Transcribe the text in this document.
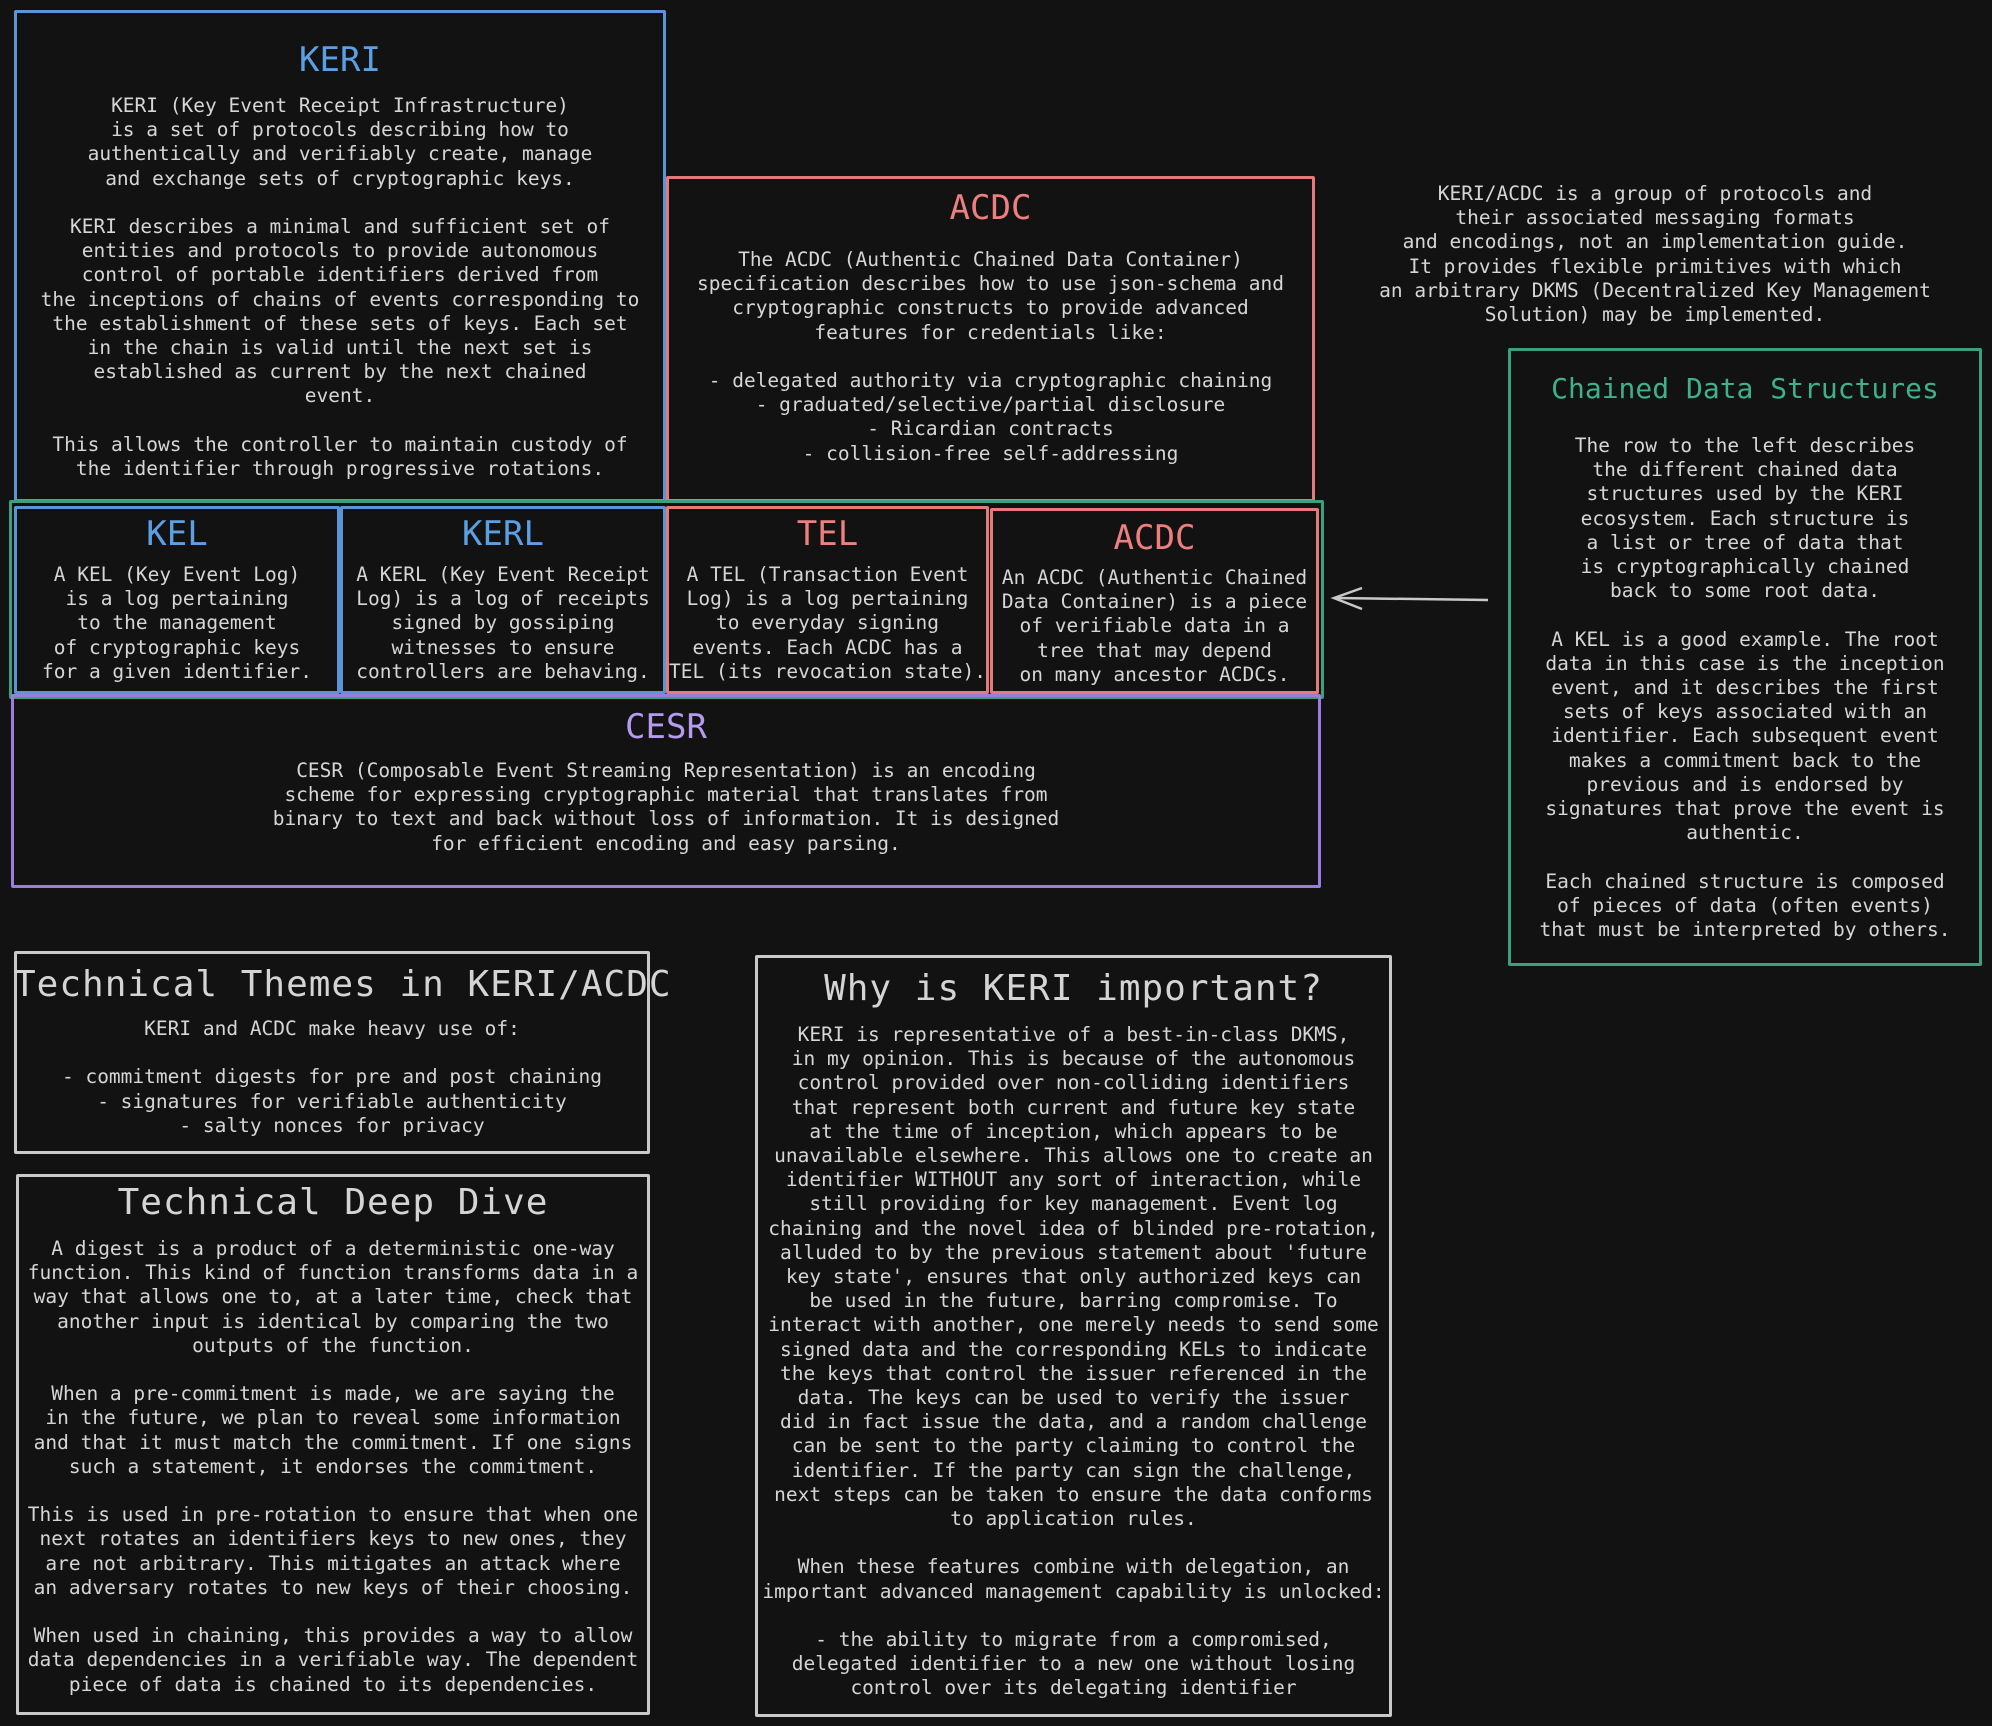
KERI
KERI (Key Event Receipt Infrastructure)
is a set of protocols describing how to
authentically and verifiably create, manage
and exchange sets of cryptographic keys.

KERI describes a minimal and sufficient set of
entities and protocols to provide autonomous
control of portable identifiers derived from
the inceptions of chains of events corresponding to
the establishment of these sets of keys. Each set
in the chain is valid until the next set is
established as current by the next chained
event.

This allows the controller to maintain custody of
the identifier through progressive rotations.
ACDC
The ACDC (Authentic Chained Data Container)
specification describes how to use json-schema and
cryptographic constructs to provide advanced
features for credentials like:

- delegated authority via cryptographic chaining
- graduated/selective/partial disclosure
- Ricardian contracts
- collision-free self-addressing
KERI/ACDC is a group of protocols and
their associated messaging formats
and encodings, not an implementation guide.
It provides flexible primitives with which
an arbitrary DKMS (Decentralized Key Management
Solution) may be implemented.
Chained Data Structures
The row to the left describes
the different chained data
structures used by the KERI
ecosystem. Each structure is
a list or tree of data that
is cryptographically chained
back to some root data.

A KEL is a good example. The root
data in this case is the inception
event, and it describes the first
sets of keys associated with an
identifier. Each subsequent event
makes a commitment back to the
previous and is endorsed by
signatures that prove the event is
authentic.

Each chained structure is composed
of pieces of data (often events)
that must be interpreted by others.
KEL
A KEL (Key Event Log)
is a log pertaining
to the management
of cryptographic keys
for a given identifier.
KERL
A KERL (Key Event Receipt
Log) is a log of receipts
signed by gossiping
witnesses to ensure
controllers are behaving.
TEL
A TEL (Transaction Event
Log) is a log pertaining
to everyday signing
events. Each ACDC has a
TEL (its revocation state).
ACDC
An ACDC (Authentic Chained
Data Container) is a piece
of verifiable data in a
tree that may depend
on many ancestor ACDCs.
CESR
CESR (Composable Event Streaming Representation) is an encoding
scheme for expressing cryptographic material that translates from
binary to text and back without loss of information. It is designed
for efficient encoding and easy parsing.
Technical Themes in KERI/ACDC
KERI and ACDC make heavy use of:

- commitment digests for pre and post chaining
- signatures for verifiable authenticity
- salty nonces for privacy
Technical Deep Dive
A digest is a product of a deterministic one-way
function. This kind of function transforms data in a
way that allows one to, at a later time, check that
another input is identical by comparing the two
outputs of the function.

When a pre-commitment is made, we are saying the
in the future, we plan to reveal some information
and that it must match the commitment. If one signs
such a statement, it endorses the commitment.

This is used in pre-rotation to ensure that when one
next rotates an identifiers keys to new ones, they
are not arbitrary. This mitigates an attack where
an adversary rotates to new keys of their choosing.

When used in chaining, this provides a way to allow
data dependencies in a verifiable way. The dependent
piece of data is chained to its dependencies.
Why is KERI important?
KERI is representative of a best-in-class DKMS,
in my opinion. This is because of the autonomous
control provided over non-colliding identifiers
that represent both current and future key state
at the time of inception, which appears to be
unavailable elsewhere. This allows one to create an
identifier WITHOUT any sort of interaction, while
still providing for key management. Event log
chaining and the novel idea of blinded pre-rotation,
alluded to by the previous statement about 'future
key state', ensures that only authorized keys can
be used in the future, barring compromise. To
interact with another, one merely needs to send some
signed data and the corresponding KELs to indicate
the keys that control the issuer referenced in the
data. The keys can be used to verify the issuer
did in fact issue the data, and a random challenge
can be sent to the party claiming to control the
identifier. If the party can sign the challenge,
next steps can be taken to ensure the data conforms
to application rules.

When these features combine with delegation, an
important advanced management capability is unlocked:

- the ability to migrate from a compromised,
delegated identifier to a new one without losing
control over its delegating identifier
